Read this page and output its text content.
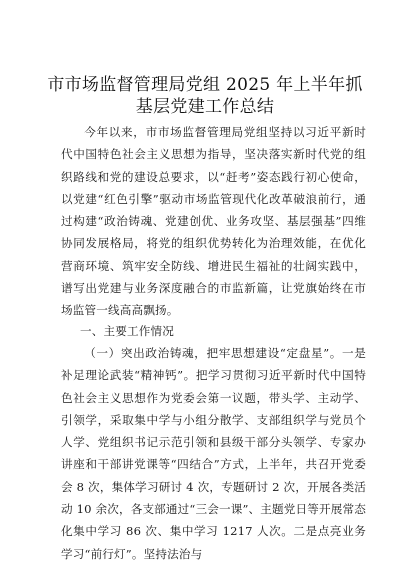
市市场监督管理局党组 2025 年上半年抓基层党建工作总结

今年以来，市市场监督管理局党组坚持以习近平新时代中国特色社会主义思想为指导，坚决落实新时代党的组织路线和党的建设总要求，以“赶考”姿态践行初心使命，以党建“红色引擎”驱动市场监管现代化改革破浪前行，通过构建“政治铸魂、党建创优、业务攻坚、基层强基”四维协同发展格局，将党的组织优势转化为治理效能，在优化营商环境、筑牢安全防线、增进民生福祉的壮阔实践中，谱写出党建与业务深度融合的市监新篇，让党旗始终在市场监管一线高高飘扬。

一、主要工作情况

（一）突出政治铸魂，把牢思想建设“定盘星”。一是补足理论武装“精神钙”。把学习贯彻习近平新时代中国特色社会主义思想作为党委会第一议题，带头学、主动学、引领学，采取集中学与小组分散学、支部组织学与党员个人学、党组织书记示范引领和县级干部分头领学、专家办讲座和干部讲党课等“四结合”方式，上半年，共召开党委会 8 次，集体学习研讨 4 次，专题研讨 2 次，开展各类活动 10 余次，各支部通过“三会一课”、主题党日等开展常态化集中学习 86 次、集中学习 1217 人次。二是点亮业务学习“前行灯”。坚持法治与
